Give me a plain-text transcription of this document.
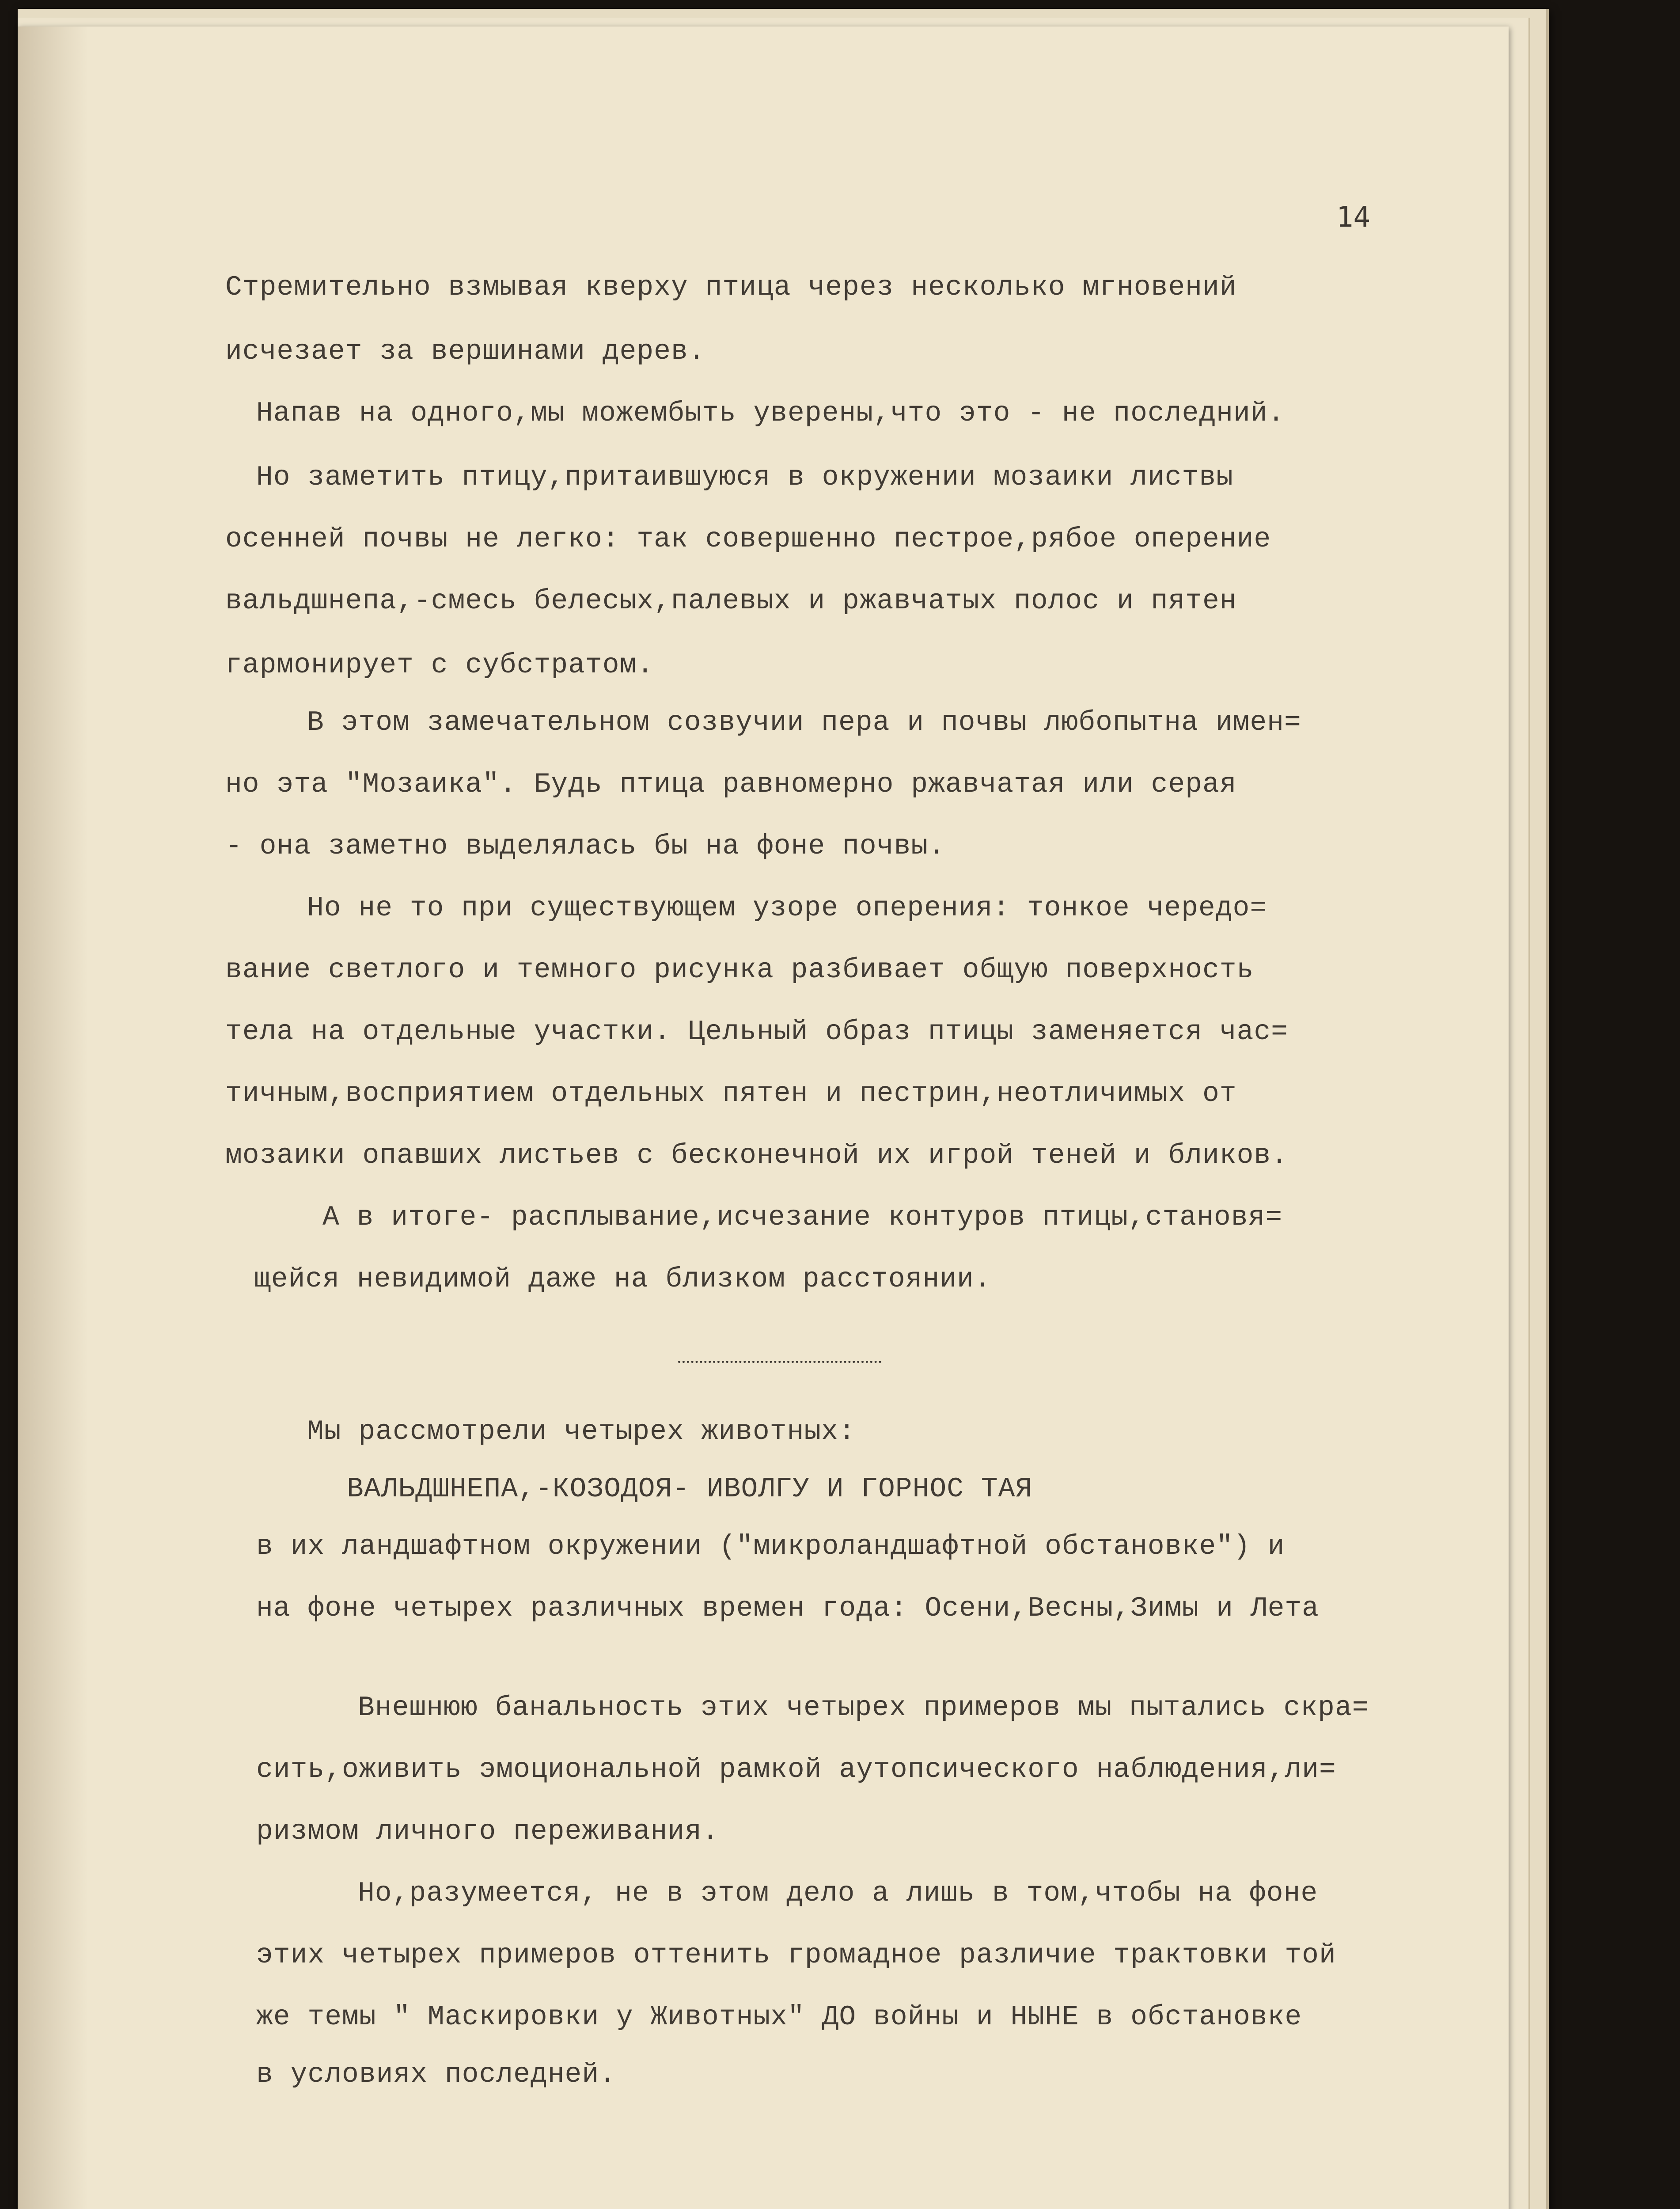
14
Стремительно взмывая кверху птица через несколько мгновений
исчезает за вершинами дерев.
Напав на одного,мы можембыть уверены,что это - не последний.
Но заметить птицу,притаившуюся в окружении мозаики листвы
осенней почвы не легко: так совершенно пестрое,рябое оперение
вальдшнепа,-смесь белесых,палевых и ржавчатых полос и пятен
гармонирует с субстратом.
В этом замечательном созвучии пера и почвы любопытна имен=
но эта "Мозаика". Будь птица равномерно ржавчатая или серая
- она заметно выделялась бы на фоне почвы.
Но не то при существующем узоре оперения: тонкое чередо=
вание светлого и темного рисунка разбивает общую поверхность
тела на отдельные участки. Цельный образ птицы заменяется час=
тичным,восприятием отдельных пятен и пестрин,неотличимых от
мозаики опавших листьев с бесконечной их игрой теней и бликов.
А в итоге- расплывание,исчезание контуров птицы,становя=
щейся невидимой даже на близком расстоянии.
Мы рассмотрели четырех животных:
ВАЛЬДШНЕПА,-КОЗОДОЯ- ИВОЛГУ И ГОРНОС ТАЯ
в их ландшафтном окружении ("микроландшафтной обстановке") и
на фоне четырех различных времен года: Осени,Весны,Зимы и Лета
Внешнюю банальность этих четырех примеров мы пытались скра=
сить,оживить эмоциональной рамкой аутопсического наблюдения,ли=
ризмом личного переживания.
Но,разумеется, не в этом дело а лишь в том,чтобы на фоне
этих четырех примеров оттенить громадное различие трактовки той
же темы " Маскировки у Животных" ДО войны и НЫНЕ в обстановке
в условиях последней.
